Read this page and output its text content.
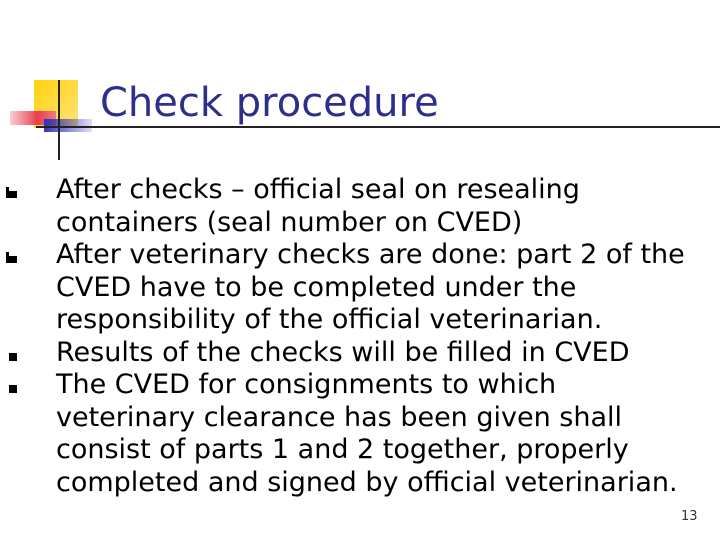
Check procedure
After checks – official seal on resealing
containers (seal number on CVED)
After veterinary checks are done: part 2 of the
CVED have to be completed under the
responsibility of the official veterinarian.
Results of the checks will be filled in CVED
The CVED for consignments to which
veterinary clearance has been given shall
consist of parts 1 and 2 together, properly
completed and signed by official veterinarian.
13
